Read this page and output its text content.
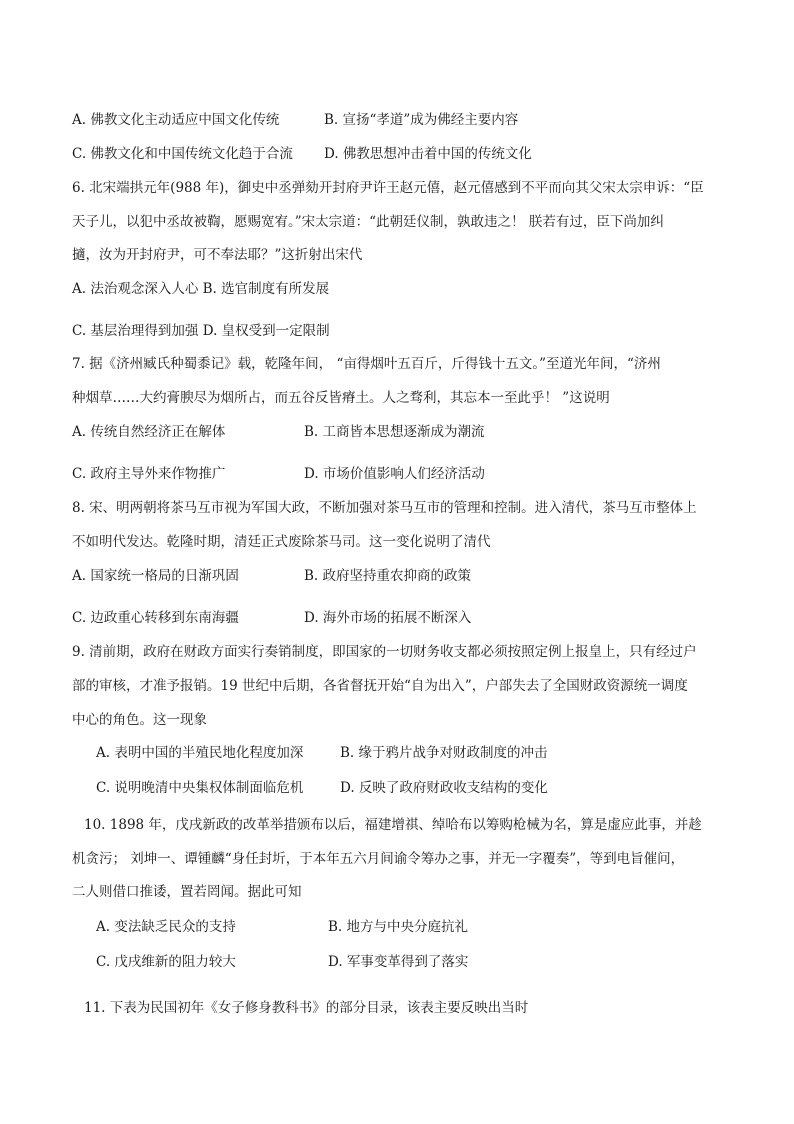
A. 佛教文化主动适应中国文化传统	B. 宣扬“孝道”成为佛经主要内容
C. 佛教文化和中国传统文化趋于合流 D. 佛教思想冲击着中国的传统文化
6. 北宋端拱元年(988 年)，御史中丞弹劾开封府尹许王赵元僖，赵元僖感到不平而向其父宋太宗申诉：“臣
天子儿，以犯中丞故被鞫，愿赐宽宥。”宋太宗道：“此朝廷仪制，孰敢违之！ 朕若有过，臣下尚加纠
擿，汝为开封府尹，可不奉法耶？”这折射出宋代
A. 法治观念深入人心 B. 选官制度有所发展
C. 基层治理得到加强 D. 皇权受到一定限制
7. 据《济州臧氏种蜀黍记》载，乾隆年间， “亩得烟叶五百斤，斤得钱十五文。”至道光年间，“济州
种烟草……大约膏腴尽为烟所占，而五谷反皆瘠土。人之骛利，其忘本一至此乎！ ”这说明
A. 传统自然经济正在解体	B. 工商皆本思想逐渐成为潮流
C. 政府主导外来作物推广	D. 市场价值影响人们经济活动
8. 宋、明两朝将茶马互市视为军国大政，不断加强对茶马互市的管理和控制。进入清代，茶马互市整体上
不如明代发达。乾隆时期，清廷正式废除茶马司。这一变化说明了清代
A. 国家统一格局的日渐巩固	B. 政府坚持重农抑商的政策
C. 边政重心转移到东南海疆	D. 海外市场的拓展不断深入
9. 清前期，政府在财政方面实行奏销制度，即国家的一切财务收支都必须按照定例上报皇上，只有经过户
部的审核，才准予报销。19 世纪中后期，各省督抚开始“自为出入”，户部失去了全国财政资源统一调度
中心的角色。这一现象
A. 表明中国的半殖民地化程度加深	B. 缘于鸦片战争对财政制度的冲击
C. 说明晚清中央集权体制面临危机	D. 反映了政府财政收支结构的变化
10. 1898 年，戊戌新政的改革举措颁布以后，福建增祺、绰哈布以筹购枪械为名，算是虚应此事，并趁
机贪污； 刘坤一、谭锺麟“身任封圻，于本年五六月间谕令筹办之事，并无一字覆奏”，等到电旨催问，
二人则借口推诿，置若罔闻。据此可知
A. 变法缺乏民众的支持	B. 地方与中央分庭抗礼
C. 戊戌维新的阻力较大	D. 军事变革得到了落实
11. 下表为民国初年《女子修身教科书》的部分目录，该表主要反映出当时
